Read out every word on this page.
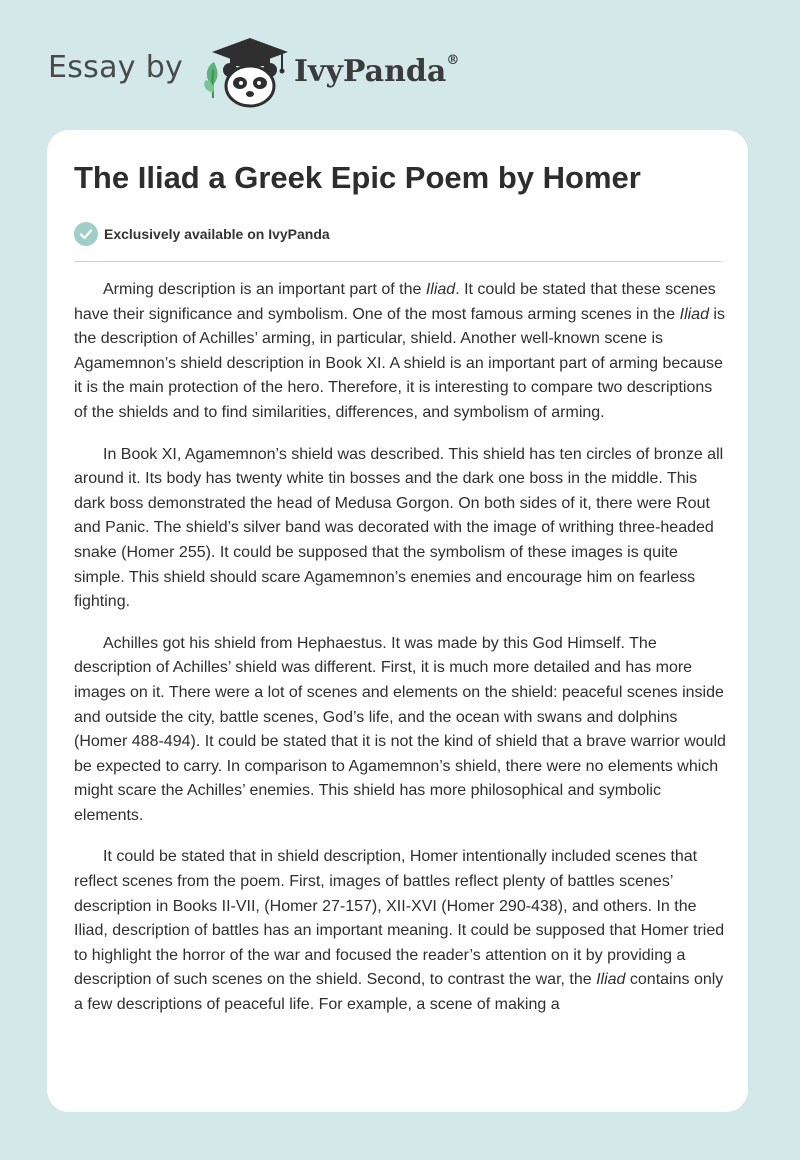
Essay by	IvyPanda®
The Iliad a Greek Epic Poem by Homer
Exclusively available on IvyPanda

Arming description is an important part of the Iliad. It could be stated that these scenes have their significance and symbolism. One of the most famous arming scenes in the Iliad is the description of Achilles’ arming, in particular, shield. Another well-known scene is Agamemnon’s shield description in Book XI. A shield is an important part of arming because it is the main protection of the hero. Therefore, it is interesting to compare two descriptions of the shields and to find similarities, differences, and symbolism of arming.

In Book XI, Agamemnon’s shield was described. This shield has ten circles of bronze all around it. Its body has twenty white tin bosses and the dark one boss in the middle. This dark boss demonstrated the head of Medusa Gorgon. On both sides of it, there were Rout and Panic. The shield’s silver band was decorated with the image of writhing three-headed snake (Homer 255). It could be supposed that the symbolism of these images is quite simple. This shield should scare Agamemnon’s enemies and encourage him on fearless fighting.

Achilles got his shield from Hephaestus. It was made by this God Himself. The description of Achilles’ shield was different. First, it is much more detailed and has more images on it. There were a lot of scenes and elements on the shield: peaceful scenes inside and outside the city, battle scenes, God’s life, and the ocean with swans and dolphins (Homer 488-494). It could be stated that it is not the kind of shield that a brave warrior would be expected to carry. In comparison to Agamemnon’s shield, there were no elements which might scare the Achilles’ enemies. This shield has more philosophical and symbolic elements.

It could be stated that in shield description, Homer intentionally included scenes that reflect scenes from the poem. First, images of battles reflect plenty of battles scenes’ description in Books II-VII, (Homer 27-157), XII-XVI (Homer 290-438), and others. In the Iliad, description of battles has an important meaning. It could be supposed that Homer tried to highlight the horror of the war and focused the reader’s attention on it by providing a description of such scenes on the shield. Second, to contrast the war, the Iliad contains only a few descriptions of peaceful life. For example, a scene of making a
